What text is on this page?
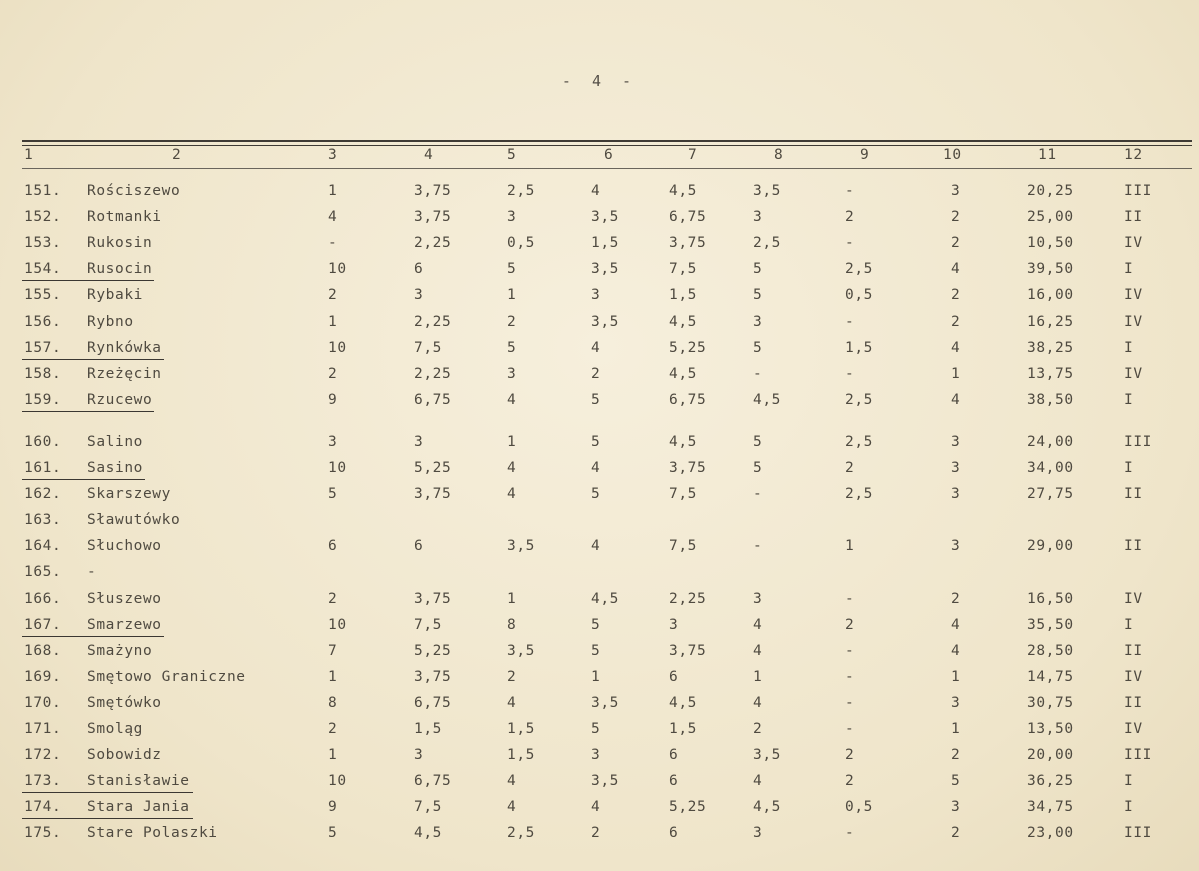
- 4 -
1	2	3	4	5	6	7	8	9	10	11	12
151. Rościszewo	1	3,75	2,5	4	4,5	3,5	-	3	20,25	III
152. Rotmanki	4	3,75	3	3,5	6,75	3	2	2	25,00	II
153. Rukosin	-	2,25	0,5	1,5	3,75	2,5	-	2	10,50	IV
154. Rusocin	10	6	5	3,5	7,5	5	2,5	4	39,50	I
155. Rybaki	2	3	1	3	1,5	5	0,5	2	16,00	IV
156. Rybno	1	2,25	2	3,5	4,5	3	-	2	16,25	IV
157. Rynkówka	10	7,5	5	4	5,25	5	1,5	4	38,25	I
158. Rzeżęcin	2	2,25	3	2	4,5	-	-	1	13,75	IV
159. Rzucewo	9	6,75	4	5	6,75	4,5	2,5	4	38,50	I
160. Salino	3	3	1	5	4,5	5	2,5	3	24,00	III
161. Sasino	10	5,25	4	4	3,75	5	2	3	34,00	I
162. Skarszewy	5	3,75	4	5	7,5	-	2,5	3	27,75	II
163. Sławutówko
164. Słuchowo	6	6	3,5	4	7,5	-	1	3	29,00	II
165. -
166. Słuszewo	2	3,75	1	4,5	2,25	3	-	2	16,50	IV
167. Smarzewo	10	7,5	8	5	3	4	2	4	35,50	I
168. Smażyno	7	5,25	3,5	5	3,75	4	-	4	28,50	II
169. Smętowo Graniczne	1	3,75	2	1	6	1	-	1	14,75	IV
170. Smętówko	8	6,75	4	3,5	4,5	4	-	3	30,75	II
171. Smoląg	2	1,5	1,5	5	1,5	2	-	1	13,50	IV
172. Sobowidz	1	3	1,5	3	6	3,5	2	2	20,00	III
173. Stanisławie	10	6,75	4	3,5	6	4	2	5	36,25	I
174. Stara Jania	9	7,5	4	4	5,25	4,5	0,5	3	34,75	I
175. Stare Polaszki	5	4,5	2,5	2	6	3	-	2	23,00	III
